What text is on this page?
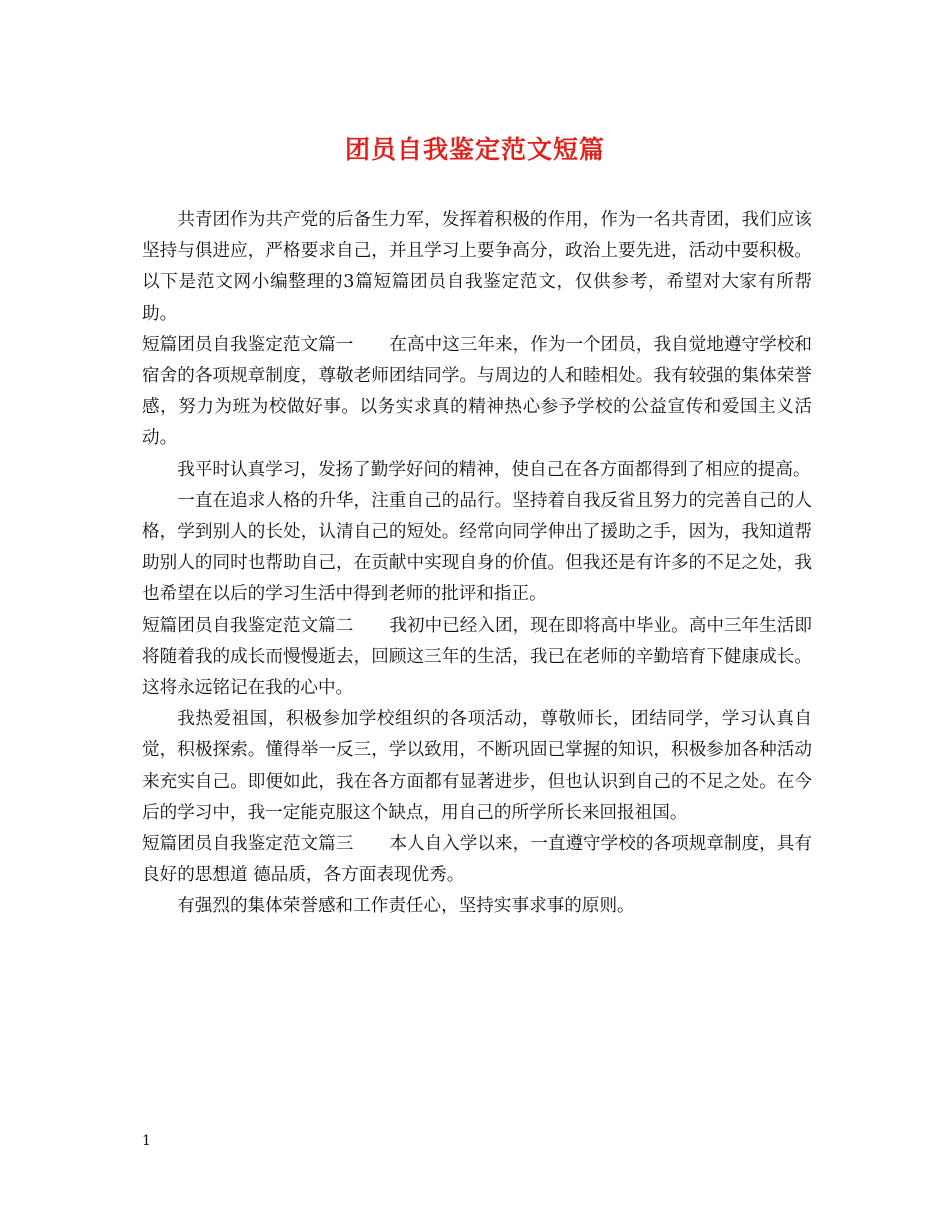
团员自我鉴定范文短篇

共青团作为共产党的后备生力军，发挥着积极的作用，作为一名共青团，我们应该坚持与俱进应，严格要求自己，并且学习上要争高分，政治上要先进，活动中要积极。以下是范文网小编整理的3篇短篇团员自我鉴定范文，仅供参考，希望对大家有所帮助。

短篇团员自我鉴定范文篇一 在高中这三年来，作为一个团员，我自觉地遵守学校和宿舍的各项规章制度，尊敬老师团结同学。与周边的人和睦相处。我有较强的集体荣誉感，努力为班为校做好事。以务实求真的精神热心参予学校的公益宣传和爱国主义活动。

我平时认真学习，发扬了勤学好问的精神，使自己在各方面都得到了相应的提高。

一直在追求人格的升华，注重自己的品行。坚持着自我反省且努力的完善自己的人格，学到别人的长处，认清自己的短处。经常向同学伸出了援助之手，因为，我知道帮助别人的同时也帮助自己，在贡献中实现自身的价值。但我还是有许多的不足之处，我也希望在以后的学习生活中得到老师的批评和指正。

短篇团员自我鉴定范文篇二 我初中已经入团，现在即将高中毕业。高中三年生活即将随着我的成长而慢慢逝去，回顾这三年的生活，我已在老师的辛勤培育下健康成长。这将永远铭记在我的心中。

我热爱祖国，积极参加学校组织的各项活动，尊敬师长，团结同学，学习认真自觉，积极探索。懂得举一反三，学以致用，不断巩固已掌握的知识，积极参加各种活动来充实自己。即便如此，我在各方面都有显著进步，但也认识到自己的不足之处。在今后的学习中，我一定能克服这个缺点，用自己的所学所长来回报祖国。

短篇团员自我鉴定范文篇三 本人自入学以来，一直遵守学校的各项规章制度，具有良好的思想道 德品质，各方面表现优秀。

有强烈的集体荣誉感和工作责任心，坚持实事求事的原则。

1
